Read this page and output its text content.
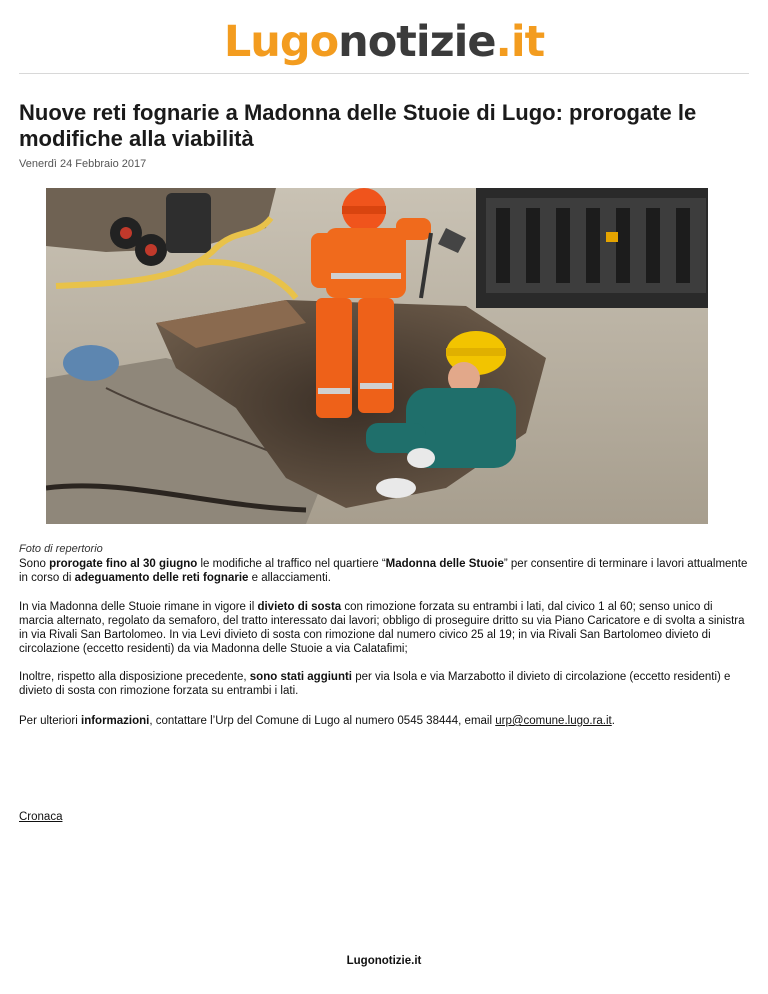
Lugonotizie.it
Nuove reti fognarie a Madonna delle Stuoie di Lugo: prorogate le modifiche alla viabilità
Venerdì 24 Febbraio 2017
Foto di repertorio

Sono prorogate fino al 30 giugno le modifiche al traffico nel quartiere “Madonna delle Stuoie” per consentire di terminare i lavori attualmente in corso di adeguamento delle reti fognarie e allacciamenti.

In via Madonna delle Stuoie rimane in vigore il divieto di sosta con rimozione forzata su entrambi i lati, dal civico 1 al 60; senso unico di marcia alternato, regolato da semaforo, del tratto interessato dai lavori; obbligo di proseguire dritto su via Piano Caricatore e di svolta a sinistra in via Rivali San Bartolomeo. In via Levi divieto di sosta con rimozione dal numero civico 25 al 19; in via Rivali San Bartolomeo divieto di circolazione (eccetto residenti) da via Madonna delle Stuoie a via Calatafimi;

Inoltre, rispetto alla disposizione precedente, sono stati aggiunti per via Isola e via Marzabotto il divieto di circolazione (eccetto residenti) e divieto di sosta con rimozione forzata su entrambi i lati.

Per ulteriori informazioni, contattare l’Urp del Comune di Lugo al numero 0545 38444, email urp@comune.lugo.ra.it.

Cronaca
Lugonotizie.it
